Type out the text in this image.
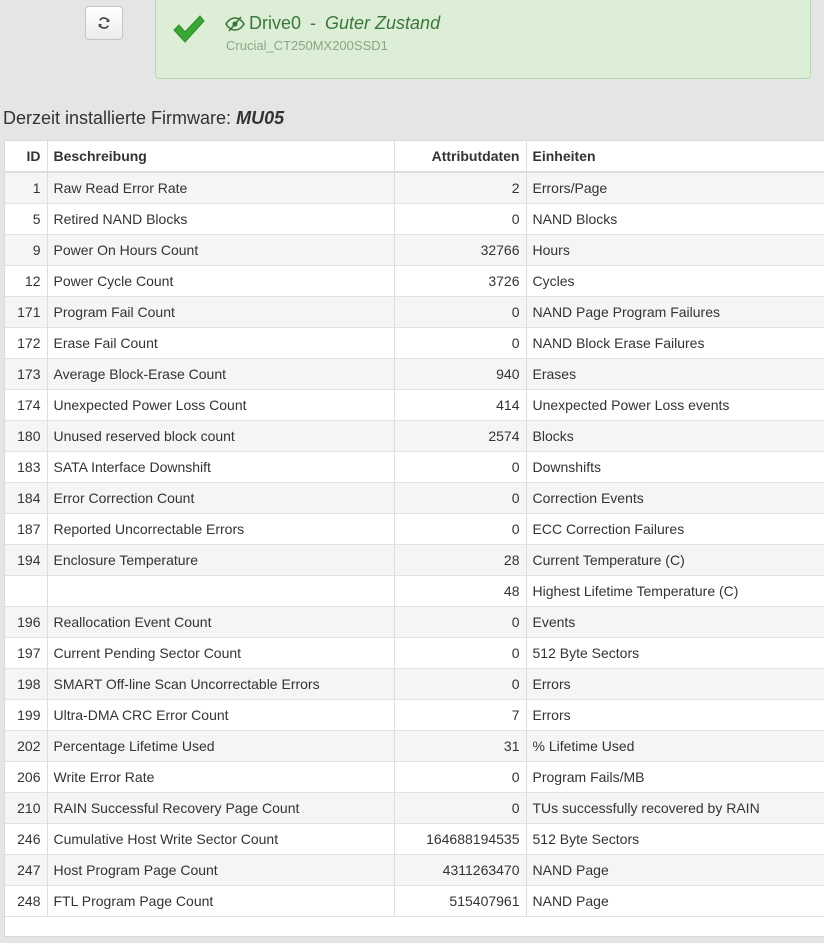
Drive0 - Guter Zustand
Crucial_CT250MX200SSD1
Derzeit installierte Firmware: MU05
ID	Beschreibung	Attributdaten	Einheiten
1	Raw Read Error Rate	2	Errors/Page
5	Retired NAND Blocks	0	NAND Blocks
9	Power On Hours Count	32766	Hours
12	Power Cycle Count	3726	Cycles
171	Program Fail Count	0	NAND Page Program Failures
172	Erase Fail Count	0	NAND Block Erase Failures
173	Average Block-Erase Count	940	Erases
174	Unexpected Power Loss Count	414	Unexpected Power Loss events
180	Unused reserved block count	2574	Blocks
183	SATA Interface Downshift	0	Downshifts
184	Error Correction Count	0	Correction Events
187	Reported Uncorrectable Errors	0	ECC Correction Failures
194	Enclosure Temperature	28	Current Temperature (C)
		48	Highest Lifetime Temperature (C)
196	Reallocation Event Count	0	Events
197	Current Pending Sector Count	0	512 Byte Sectors
198	SMART Off-line Scan Uncorrectable Errors	0	Errors
199	Ultra-DMA CRC Error Count	7	Errors
202	Percentage Lifetime Used	31	% Lifetime Used
206	Write Error Rate	0	Program Fails/MB
210	RAIN Successful Recovery Page Count	0	TUs successfully recovered by RAIN
246	Cumulative Host Write Sector Count	164688194535	512 Byte Sectors
247	Host Program Page Count	4311263470	NAND Page
248	FTL Program Page Count	515407961	NAND Page
